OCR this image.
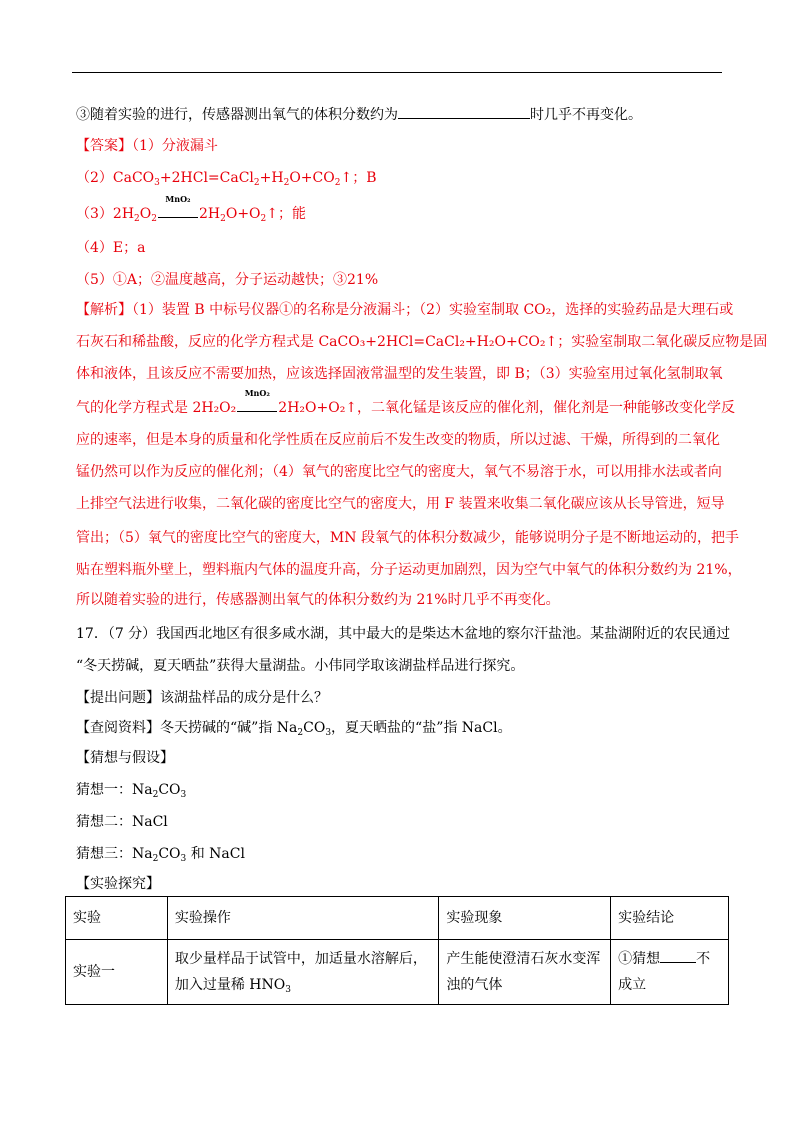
③随着实验的进行，传感器测出氧气的体积分数约为	时几乎不再变化。
【答案】（1）分液漏斗
$(2)CaCO_3+2HCl=CaCl_2+H_2O+CO_2↑$；B
$(3)2H_2O_2$
MnO₂
$2H_2O+O_2↑$；能
（4）E；a
（5）①A；②温度越高，分子运动越快；③21%
【解析】（1）装置 B 中标号仪器①的名称是分液漏斗；（2）实验室制取 CO₂，选择的实验药品是大理石或
石灰石和稀盐酸，反应的化学方程式是 CaCO₃+2HCl=CaCl₂+H₂O+CO₂↑；实验室制取二氧化碳反应物是固
体和液体，且该反应不需要加热，应该选择固液常温型的发生装置，即 B；（3）实验室用过氧化氢制取氧
气的化学方程式是 2H₂O₂
MnO₂
2H₂O+O₂↑，二氧化锰是该反应的催化剂，催化剂是一种能够改变化学反
应的速率，但是本身的质量和化学性质在反应前后不发生改变的物质，所以过滤、干燥，所得到的二氧化
锰仍然可以作为反应的催化剂；（4）氧气的密度比空气的密度大，氧气不易溶于水，可以用排水法或者向
上排空气法进行收集，二氧化碳的密度比空气的密度大，用 F 装置来收集二氧化碳应该从长导管进，短导
管出；（5）氧气的密度比空气的密度大，MN 段氧气的体积分数减少，能够说明分子是不断地运动的，把手
贴在塑料瓶外壁上，塑料瓶内气体的温度升高，分子运动更加剧烈，因为空气中氧气的体积分数约为 21%，
所以随着实验的进行，传感器测出氧气的体积分数约为 21%时几乎不再变化。
17．（7 分）我国西北地区有很多咸水湖，其中最大的是柴达木盆地的察尔汗盐池。某盐湖附近的农民通过
“冬天捞碱，夏天晒盐”获得大量湖盐。小伟同学取该湖盐样品进行探究。
【提出问题】该湖盐样品的成分是什么？
【查阅资料】冬天捞碱的“碱”指 $Na_2CO_3$，夏天晒盐的“盐”指 NaCl。
【猜想与假设】
猜想一：$Na_2CO_3$
猜想二：NaCl
猜想三：$Na_2CO_3$ 和 NaCl
【实验探究】
实验	实验操作	实验现象	实验结论
实验一	取少量样品于试管中，加适量水溶解后，
加入过量稀 $HNO_3$	产生能使澄清石灰水变浑浊的气体	①猜想 不成立
